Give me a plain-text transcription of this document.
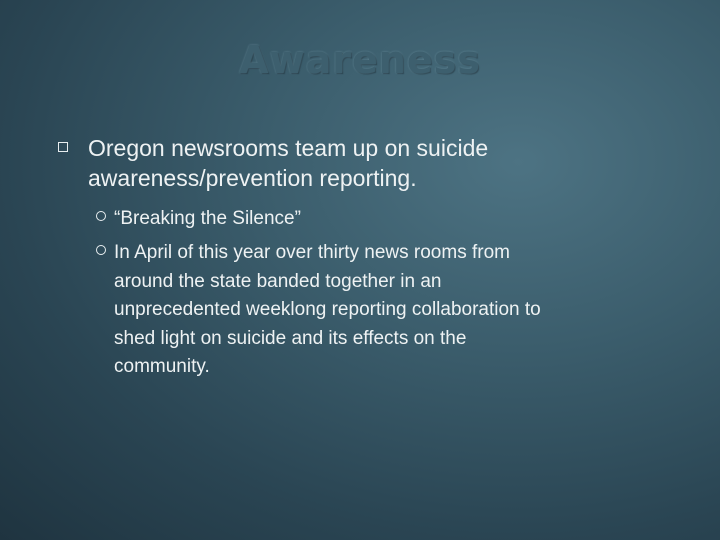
Awareness
Oregon newsrooms team up on suicide
awareness/prevention reporting.
“Breaking the Silence”
In April of this year over thirty news rooms from
around the state banded together in an
unprecedented weeklong reporting collaboration to
shed light on suicide and its effects on the
community.
